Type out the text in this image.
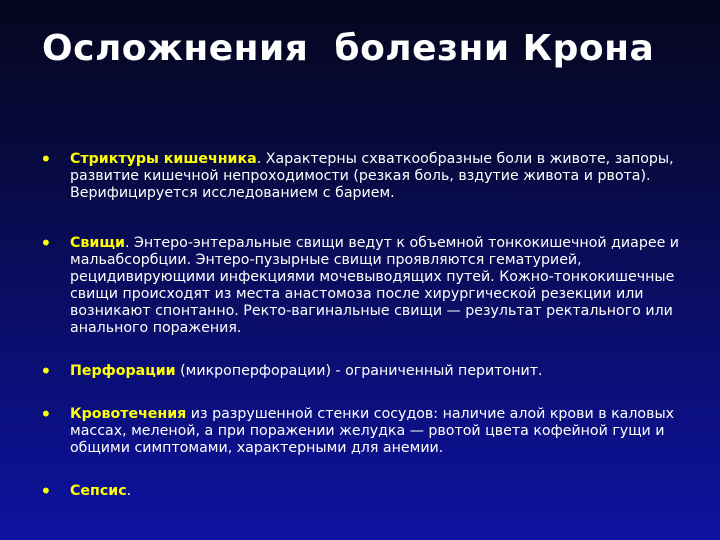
Осложнения  болезни Крона
• Стриктуры кишечника. Характерны схваткообразные боли в животе, запоры, развитие кишечной непроходимости (резкая боль, вздутие живота и рвота). Верифицируется исследованием с барием.
• Свищи. Энтеро-энтеральные свищи ведут к объемной тонкокишечной диарее и мальабсорбции. Энтеро-пузырные свищи проявляются гематурией, рецидивирующими инфекциями мочевыводящих путей. Кожно-тонкокишечные свищи происходят из места анастомоза после хирургической резекции или возникают спонтанно. Ректо-вагинальные свищи — результат ректального или анального поражения.
• Перфорации (микроперфорации) - ограниченный перитонит.
• Кровотечения из разрушенной стенки сосудов: наличие алой крови в каловых массах, меленой, а при поражении желудка — рвотой цвета кофейной гущи и общими симптомами, характерными для анемии.
• Сепсис.
